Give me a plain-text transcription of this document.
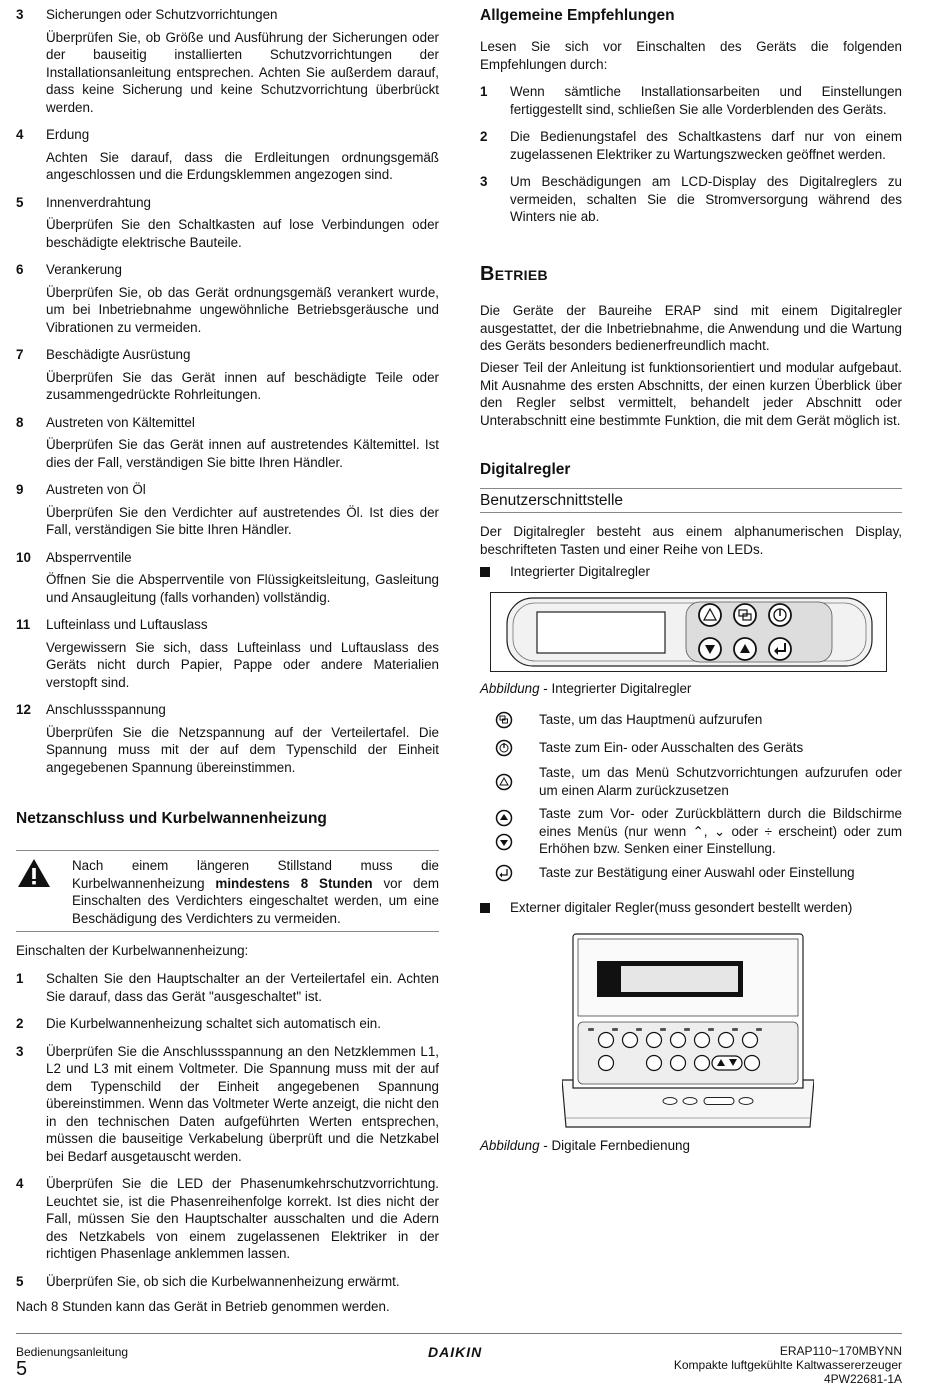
3 Sicherungen oder Schutzvorrichtungen
Überprüfen Sie, ob Größe und Ausführung der Sicherungen oder der bauseitig installierten Schutzvorrichtungen der Installationsanleitung entsprechen. Achten Sie außerdem darauf, dass keine Sicherung und keine Schutzvorrichtung überbrückt werden.
4 Erdung
Achten Sie darauf, dass die Erdleitungen ordnungsgemäß angeschlossen und die Erdungsklemmen angezogen sind.
5 Innenverdrahtung
Überprüfen Sie den Schaltkasten auf lose Verbindungen oder beschädigte elektrische Bauteile.
6 Verankerung
Überprüfen Sie, ob das Gerät ordnungsgemäß verankert wurde, um bei Inbetriebnahme ungewöhnliche Betriebsgeräusche und Vibrationen zu vermeiden.
7 Beschädigte Ausrüstung
Überprüfen Sie das Gerät innen auf beschädigte Teile oder zusammengedrückte Rohrleitungen.
8 Austreten von Kältemittel
Überprüfen Sie das Gerät innen auf austretendes Kältemittel. Ist dies der Fall, verständigen Sie bitte Ihren Händler.
9 Austreten von Öl
Überprüfen Sie den Verdichter auf austretendes Öl. Ist dies der Fall, verständigen Sie bitte Ihren Händler.
10 Absperrventile
Öffnen Sie die Absperrventile von Flüssigkeitsleitung, Gasleitung und Ansaugleitung (falls vorhanden) vollständig.
11 Lufteinlass und Luftauslass
Vergewissern Sie sich, dass Lufteinlass und Luftauslass des Geräts nicht durch Papier, Pappe oder andere Materialien verstopft sind.
12 Anschlussspannung
Überprüfen Sie die Netzspannung auf der Verteilertafel. Die Spannung muss mit der auf dem Typenschild der Einheit angegebenen Spannung übereinstimmen.
Netzanschluss und Kurbelwannenheizung
Nach einem längeren Stillstand muss die Kurbelwannenheizung mindestens 8 Stunden vor dem Einschalten des Verdichters eingeschaltet werden, um eine Beschädigung des Verdichters zu vermeiden.
Einschalten der Kurbelwannenheizung:
1 Schalten Sie den Hauptschalter an der Verteilertafel ein. Achten Sie darauf, dass das Gerät "ausgeschaltet" ist.
2 Die Kurbelwannenheizung schaltet sich automatisch ein.
3 Überprüfen Sie die Anschlussspannung an den Netzklemmen L1, L2 und L3 mit einem Voltmeter. Die Spannung muss mit der auf dem Typenschild der Einheit angegebenen Spannung übereinstimmen. Wenn das Voltmeter Werte anzeigt, die nicht den in den technischen Daten aufgeführten Werten entsprechen, müssen die bauseitige Verkabelung überprüft und die Netzkabel bei Bedarf ausgetauscht werden.
4 Überprüfen Sie die LED der Phasenumkehrschutzvorrichtung. Leuchtet sie, ist die Phasenreihenfolge korrekt. Ist dies nicht der Fall, müssen Sie den Hauptschalter ausschalten und die Adern des Netzkabels von einem zugelassenen Elektriker in der richtigen Phasenlage anklemmen lassen.
5 Überprüfen Sie, ob sich die Kurbelwannenheizung erwärmt.
Nach 8 Stunden kann das Gerät in Betrieb genommen werden.
Allgemeine Empfehlungen
Lesen Sie sich vor Einschalten des Geräts die folgenden Empfehlungen durch:
1 Wenn sämtliche Installationsarbeiten und Einstellungen fertiggestellt sind, schließen Sie alle Vorderblenden des Geräts.
2 Die Bedienungstafel des Schaltkastens darf nur von einem zugelassenen Elektriker zu Wartungszwecken geöffnet werden.
3 Um Beschädigungen am LCD-Display des Digitalreglers zu vermeiden, schalten Sie die Stromversorgung während des Winters nie ab.
Betrieb
Die Geräte der Baureihe ERAP sind mit einem Digitalregler ausgestattet, der die Inbetriebnahme, die Anwendung und die Wartung des Geräts besonders bedienerfreundlich macht.
Dieser Teil der Anleitung ist funktionsorientiert und modular aufgebaut. Mit Ausnahme des ersten Abschnitts, der einen kurzen Überblick über den Regler selbst vermittelt, behandelt jeder Abschnitt oder Unterabschnitt eine bestimmte Funktion, die mit dem Gerät möglich ist.
Digitalregler
Benutzerschnittstelle
Der Digitalregler besteht aus einem alphanumerischen Display, beschrifteten Tasten und einer Reihe von LEDs.
Integrierter Digitalregler
Abbildung - Integrierter Digitalregler
Taste, um das Hauptmenü aufzurufen
Taste zum Ein- oder Ausschalten des Geräts
Taste, um das Menü Schutzvorrichtungen aufzurufen oder um einen Alarm zurückzusetzen
Taste zum Vor- oder Zurückblättern durch die Bildschirme eines Menüs (nur wenn ⌃, ⌄ oder ÷ erscheint) oder zum Erhöhen bzw. Senken einer Einstellung.
Taste zur Bestätigung einer Auswahl oder Einstellung
Externer digitaler Regler(muss gesondert bestellt werden)
Abbildung - Digitale Fernbedienung
Bedienungsanleitung
5
DAIKIN	ERAP110~170MBYNN
Kompakte luftgekühlte Kaltwassererzeuger
4PW22681-1A
